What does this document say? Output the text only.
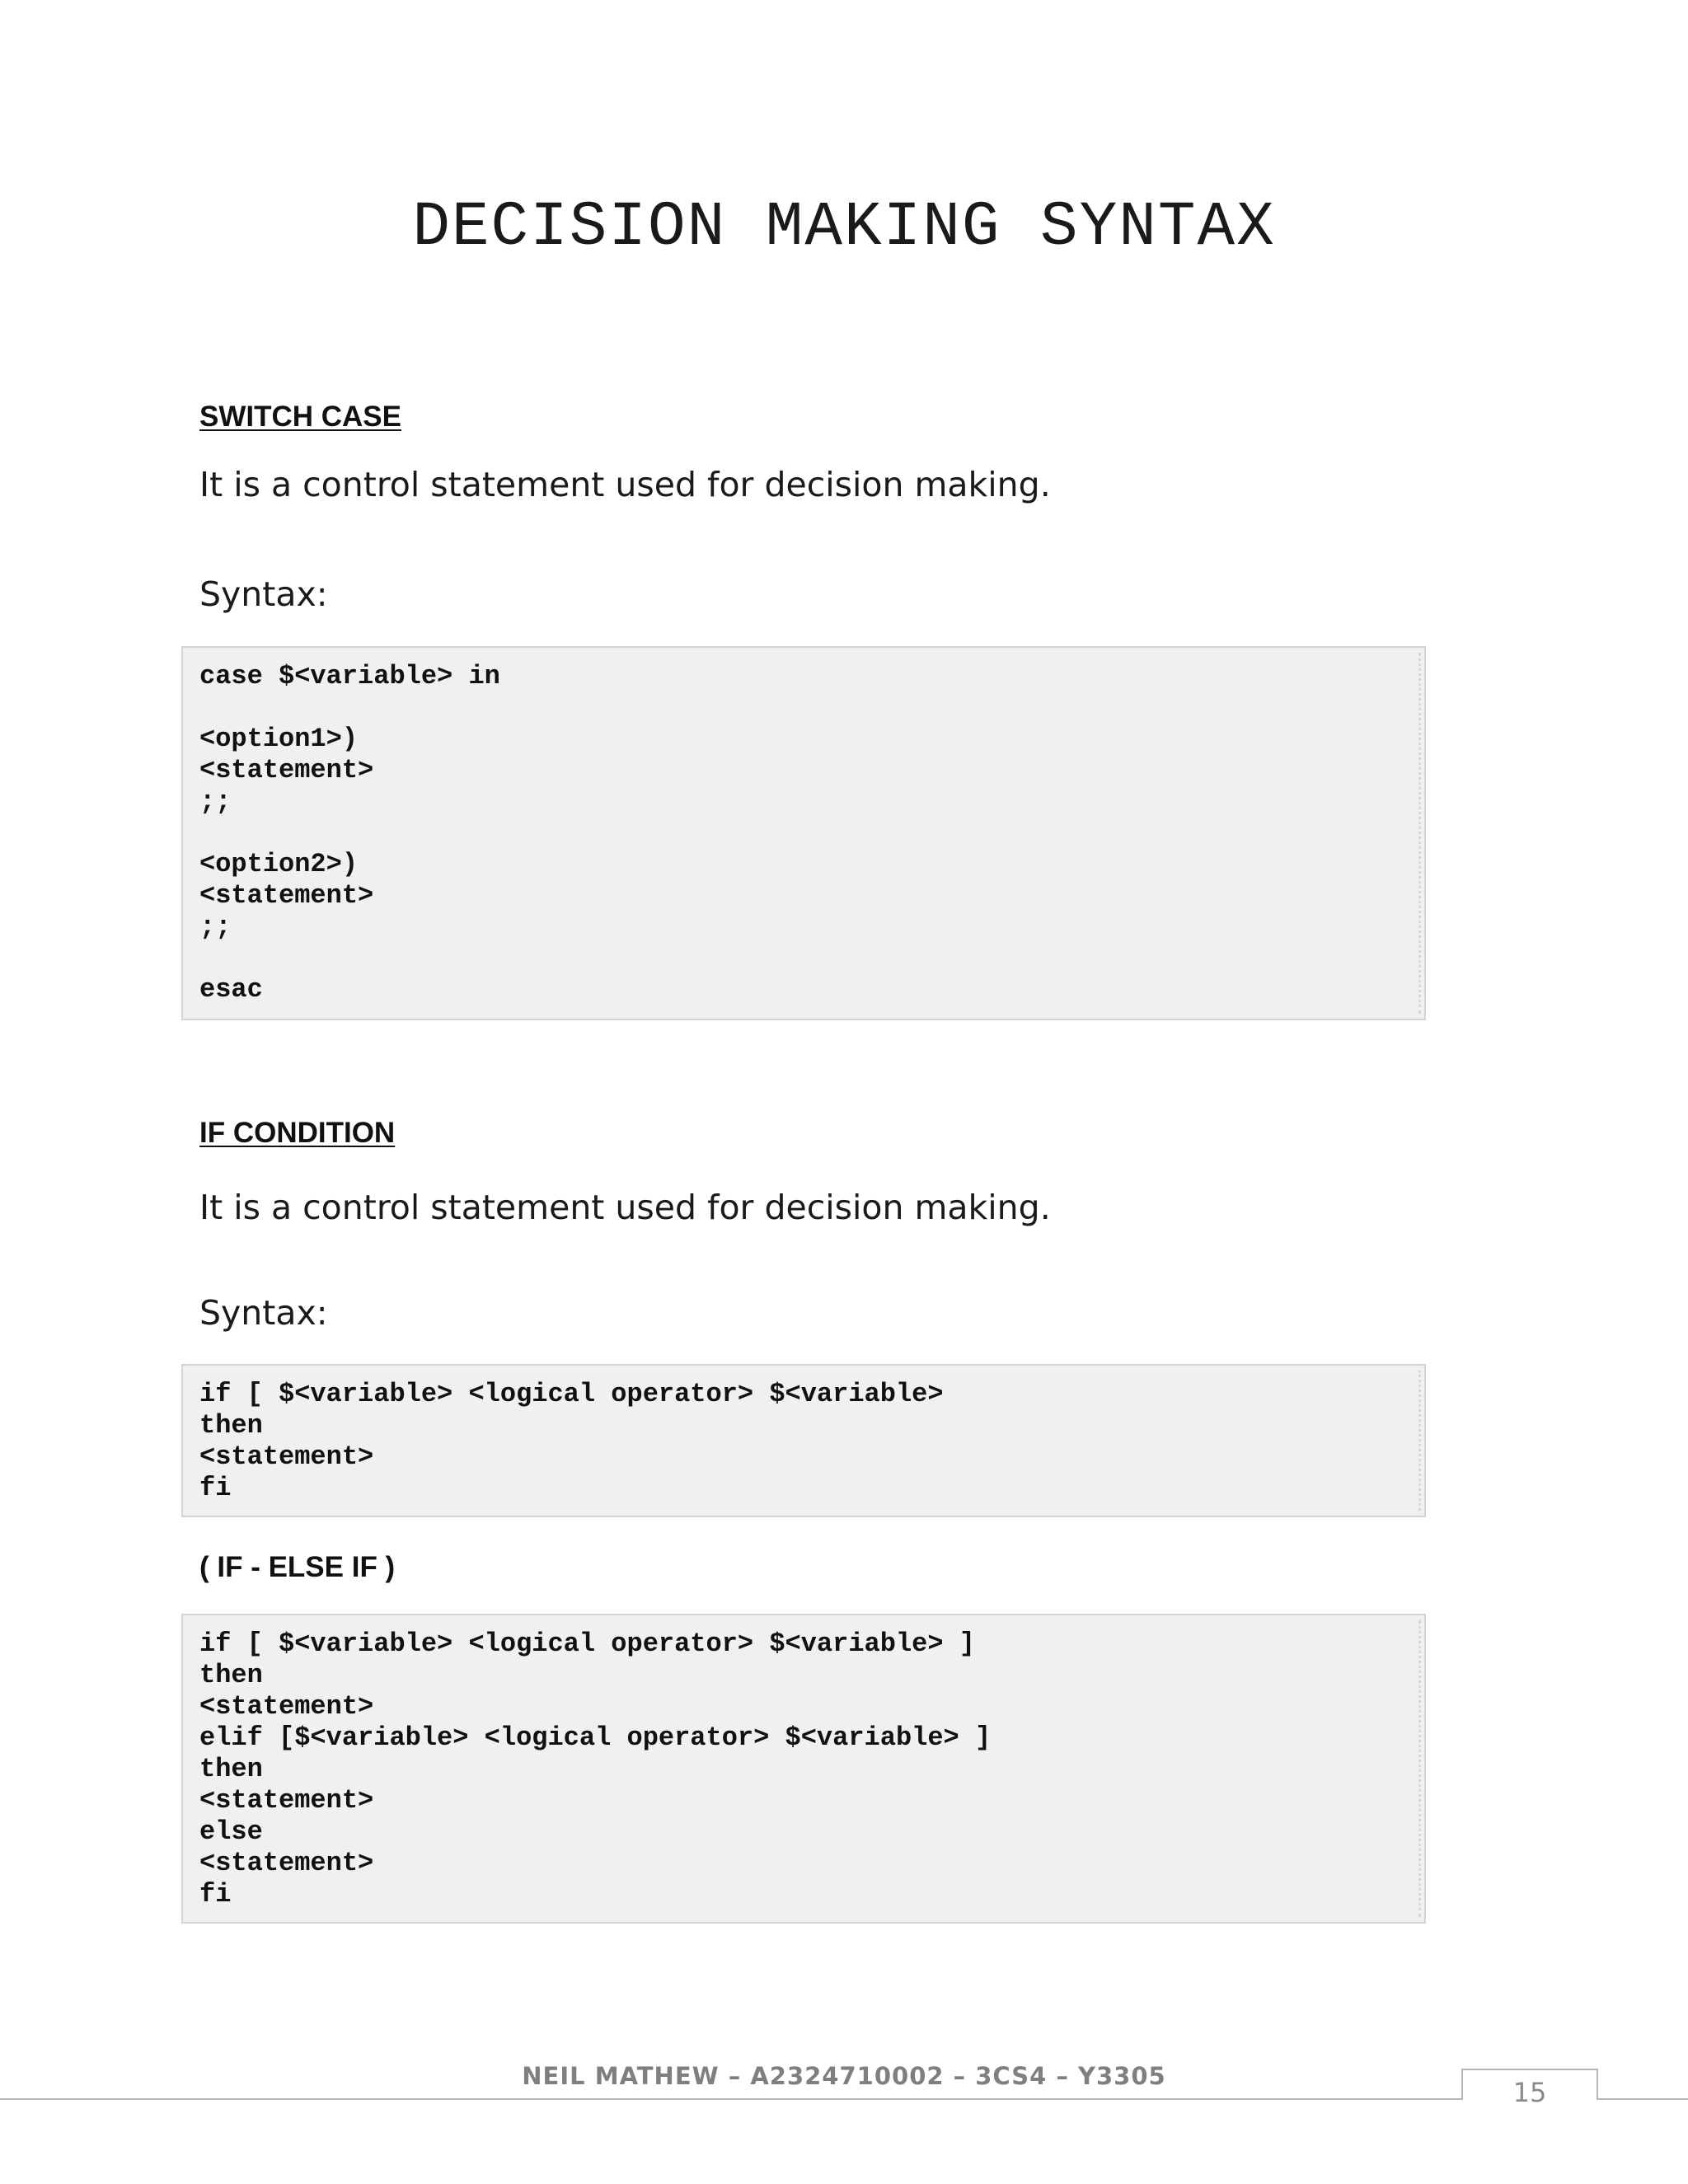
DECISION MAKING SYNTAX
SWITCH CASE
It is a control statement used for decision making.
Syntax:
case $<variable> in
<option1>)
<statement>
;;
<option2>)
<statement>
;;
esac
IF CONDITION
It is a control statement used for decision making.
Syntax:
if [ $<variable> <logical operator> $<variable>
then
<statement>
fi
( IF - ELSE IF )
if [ $<variable> <logical operator> $<variable> ]
then
<statement>
elif [$<variable> <logical operator> $<variable> ]
then
<statement>
else
<statement>
fi
NEIL MATHEW – A2324710002 – 3CS4 – Y3305
15
